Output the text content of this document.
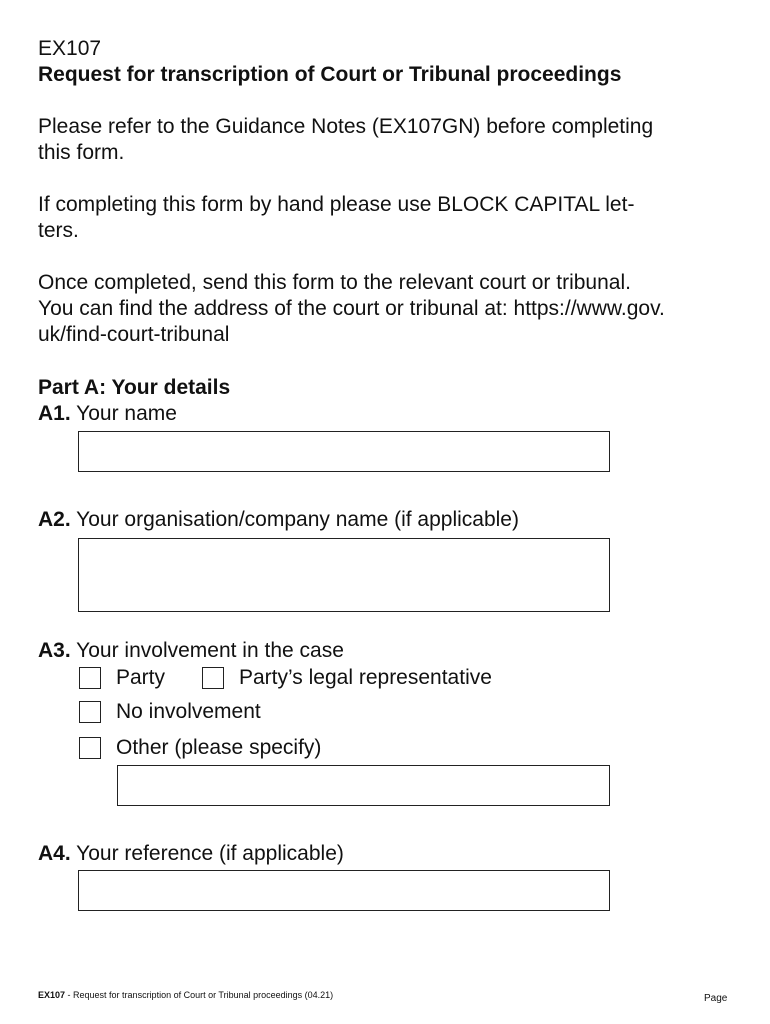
EX107
Request for transcription of Court or Tribunal proceedings
Please refer to the Guidance Notes (EX107GN) before completing
this form.
If completing this form by hand please use BLOCK CAPITAL let-
ters.
Once completed, send this form to the relevant court or tribunal.
You can find the address of the court or tribunal at: https://www.gov.
uk/find-court-tribunal
Part A: Your details
A1. Your name
A2. Your organisation/company name (if applicable)
A3. Your involvement in the case
Party	Party’s legal representative
No involvement
Other (please specify)
A4. Your reference (if applicable)
EX107 - Request for transcription of Court or Tribunal proceedings (04.21)	Page
